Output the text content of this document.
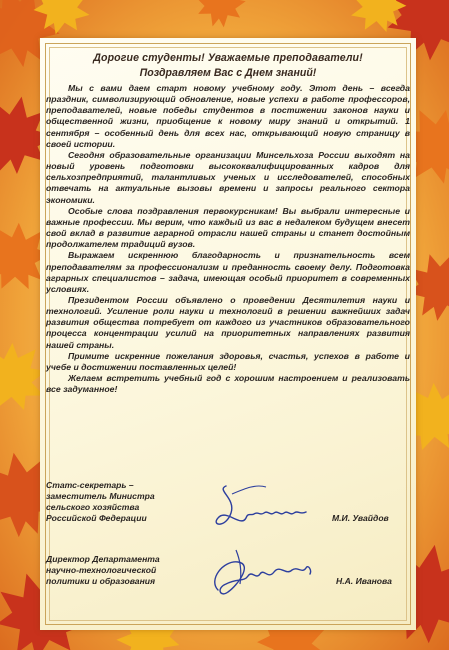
Дорогие студенты! Уважаемые преподаватели!
Поздравляем Вас с Днем знаний!

Мы с вами даем старт новому учебному году. Этот день – всегда праздник, символизирующий обновление, новые успехи в работе профессоров, преподавателей, новые победы студентов в постижении законов науки и общественной жизни, приобщение к новому миру знаний и открытий. 1 сентября – особенный день для всех нас, открывающий новую страницу в своей истории.

Сегодня образовательные организации Минсельхоза России выходят на новый уровень подготовки высококвалифицированных кадров для сельхозпредприятий, талантливых ученых и исследователей, способных отвечать на актуальные вызовы времени и запросы реального сектора экономики.

Особые слова поздравления первокурсникам! Вы выбрали интересные и важные профессии. Мы верим, что каждый из вас в недалеком будущем внесет свой вклад в развитие аграрной отрасли нашей страны и станет достойным продолжателем традиций вузов.

Выражаем искреннюю благодарность и признательность всем преподавателям за профессионализм и преданность своему делу. Подготовка аграрных специалистов – задача, имеющая особый приоритет в современных условиях.

Президентом России объявлено о проведении Десятилетия науки и технологий. Усиление роли науки и технологий в решении важнейших задач развития общества потребует от каждого из участников образовательного процесса концентрации усилий на приоритетных направлениях развития нашей страны.

Примите искренние пожелания здоровья, счастья, успехов в работе и учебе и достижении поставленных целей!

Желаем встретить учебный год с хорошим настроением и реализовать все задуманное!

Статс-секретарь –
заместитель Министра
сельского хозяйства
Российской Федерации	М.И. Увайдов
Директор Департамента
научно-технологической
политики и образования	Н.А. Иванова
